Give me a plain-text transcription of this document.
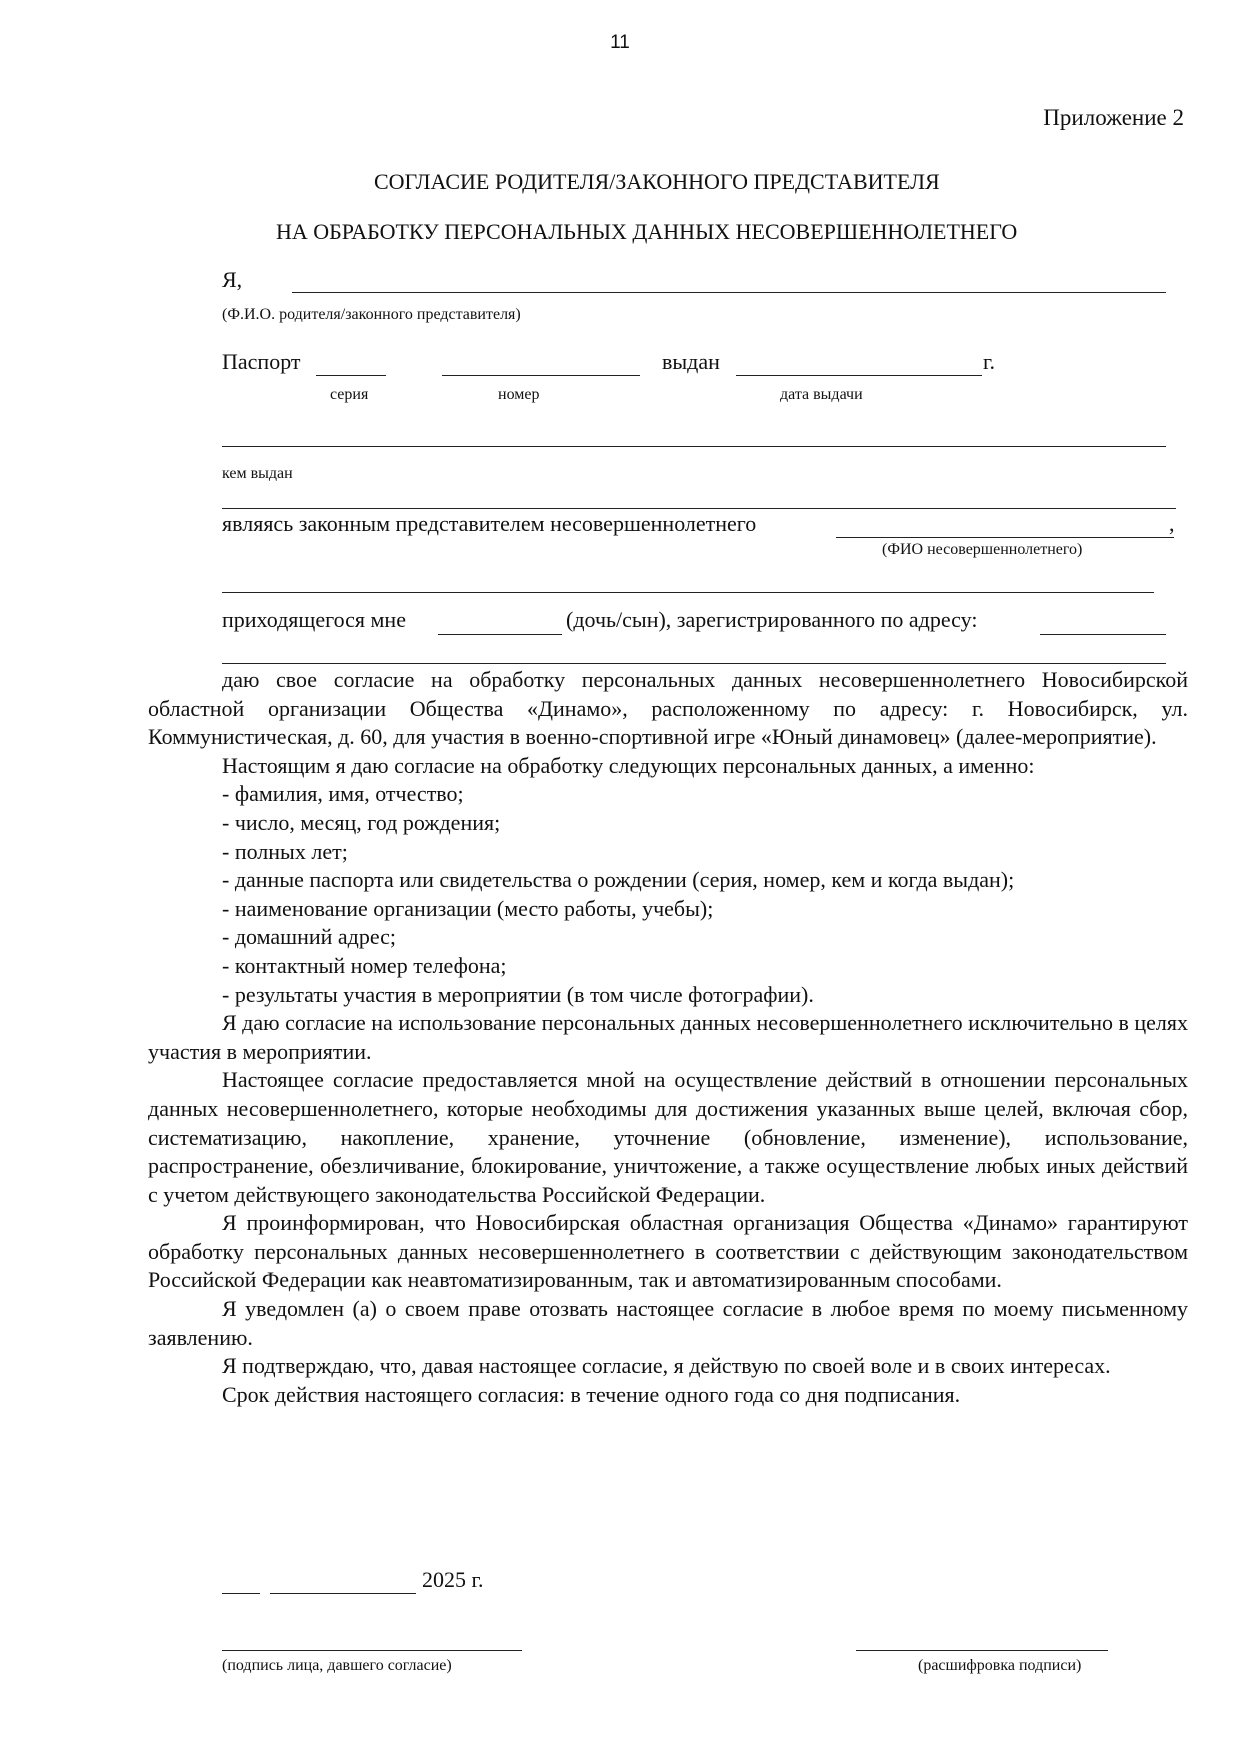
11
Приложение 2
СОГЛАСИЕ РОДИТЕЛЯ/ЗАКОННОГО ПРЕДСТАВИТЕЛЯ
НА ОБРАБОТКУ ПЕРСОНАЛЬНЫХ ДАННЫХ НЕСОВЕРШЕННОЛЕТНЕГО
Я,
(Ф.И.О. родителя/законного представителя)
Паспорт	выдан	г.
серия	номер	дата выдачи
кем выдан
являясь законным представителем несовершеннолетнего	,
(ФИО несовершеннолетнего)
приходящегося мне	(дочь/сын), зарегистрированного по адресу:

даю свое согласие на обработку персональных данных несовершеннолетнего Новосибирской областной организации Общества «Динамо», расположенному по адресу: г. Новосибирск, ул. Коммунистическая, д. 60, для участия в военно-спортивной игре «Юный динамовец» (далее-мероприятие).

Настоящим я даю согласие на обработку следующих персональных данных, а именно:

- фамилия, имя, отчество;

- число, месяц, год рождения;

- полных лет;

- данные паспорта или свидетельства о рождении (серия, номер, кем и когда выдан);

- наименование организации (место работы, учебы);

- домашний адрес;

- контактный номер телефона;

- результаты участия в мероприятии (в том числе фотографии).

Я даю согласие на использование персональных данных несовершеннолетнего исключительно в целях участия в мероприятии.

Настоящее согласие предоставляется мной на осуществление действий в отношении персональных данных несовершеннолетнего, которые необходимы для достижения указанных выше целей, включая сбор, систематизацию, накопление, хранение, уточнение (обновление, изменение), использование, распространение, обезличивание, блокирование, уничтожение, а также осуществление любых иных действий с учетом действующего законодательства Российской Федерации.

Я проинформирован, что Новосибирская областная организация Общества «Динамо» гарантируют обработку персональных данных несовершеннолетнего в соответствии с действующим законодательством Российской Федерации как неавтоматизированным, так и автоматизированным способами.

Я уведомлен (а) о своем праве отозвать настоящее согласие в любое время по моему письменному заявлению.

Я подтверждаю, что, давая настоящее согласие, я действую по своей воле и в своих интересах.

Срок действия настоящего согласия: в течение одного года со дня подписания.

2025 г.
(подпись лица, давшего согласие)	(расшифровка подписи)
